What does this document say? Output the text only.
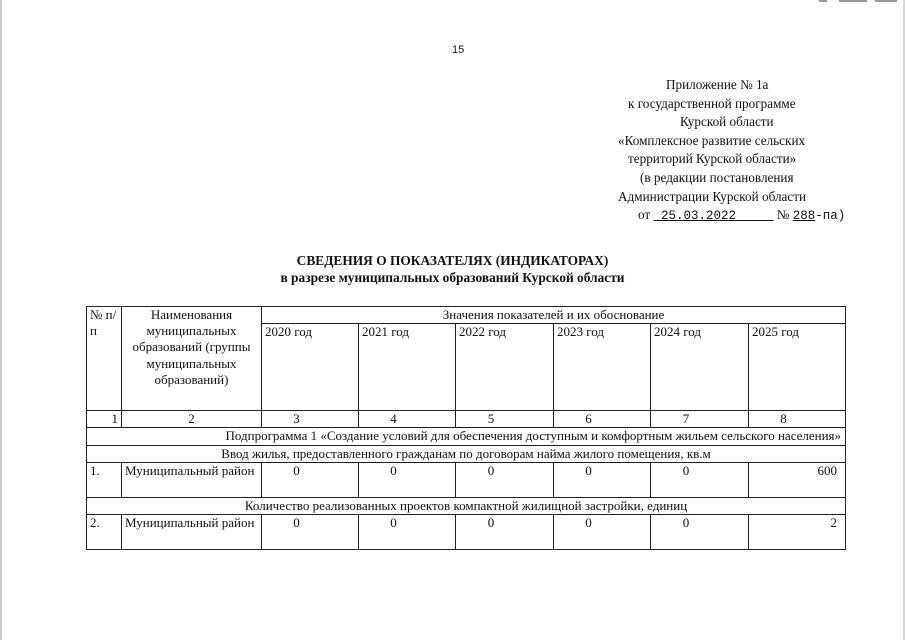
15
Приложение № 1а
к государственной программе
Курской области
«Комплексное развитие сельских
территорий Курской области»
(в редакции постановления
Администрации Курской области
от 25.03.2022	№ 288-па)
СВЕДЕНИЯ О ПОКАЗАТЕЛЯХ (ИНДИКАТОРАХ)
в разрезе муниципальных образований Курской области
№ п/п	Наименования муниципальных образований (группы муниципальных образований)	Значения показателей и их обоснование					
		2020 год	2021 год	2022 год	2023 год	2024 год	2025 год
1	2	3	4	5	6	7	8
Подпрограмма 1 «Создание условий для обеспечения доступным и комфортным жильем сельского населения»							
Ввод жилья, предоставленного гражданам по договорам найма жилого помещения, кв.м							
1.	Муниципальный район	0	0	0	0	0	600
Количество реализованных проектов компактной жилищной застройки, единиц							
2.	Муниципальный район	0	0	0	0	0	2
